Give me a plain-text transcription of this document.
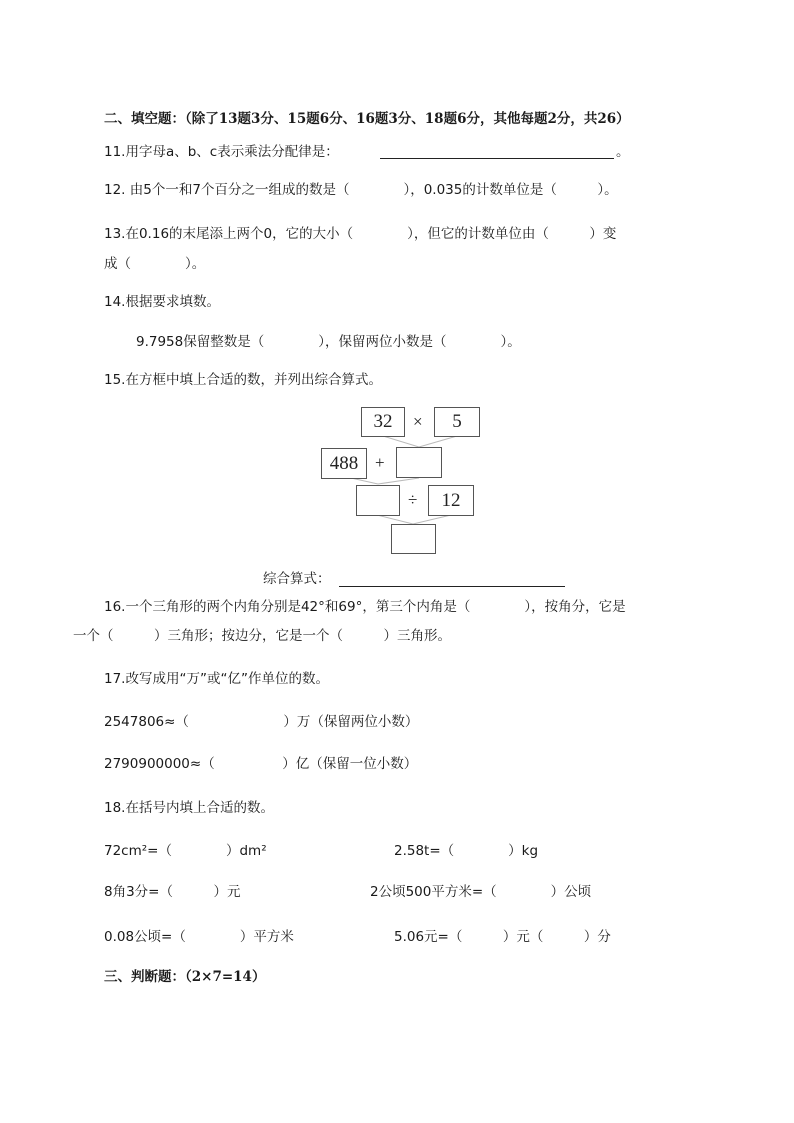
二、填空题：（除了13题3分、15题6分、16题3分、18题6分，其他每题2分，共26）
11.用字母a、b、c表示乘法分配律是：	。
12. 由5个一和7个百分之一组成的数是（　　　　），0.035的计数单位是（　　　）。
13.在0.16的末尾添上两个0，它的大小（　　　　），但它的计数单位由（　　　）变
成（　　　　）。
14.根据要求填数。
9.7958保留整数是（　　　　），保留两位小数是（　　　　）。
15.在方框中填上合适的数，并列出综合算式。
32	×	5
488 +
÷	12
综合算式：
16.一个三角形的两个内角分别是42°和69°，第三个内角是（　　　　），按角分，它是
一个（　　　）三角形；按边分，它是一个（　　　）三角形。
17.改写成用“万”或“亿”作单位的数。
2547806≈（　　　　　　　）万（保留两位小数）
2790900000≈（　　　　　）亿（保留一位小数）
18.在括号内填上合适的数。
72cm²=（　　　　）dm²	2.58t=（　　　　）kg
8角3分=（　　　）元	2公顷500平方米=（　　　　）公顷
0.08公顷=（　　　　）平方米	5.06元=（　　　）元（　　　）分
三、判断题：（2×7=14）
